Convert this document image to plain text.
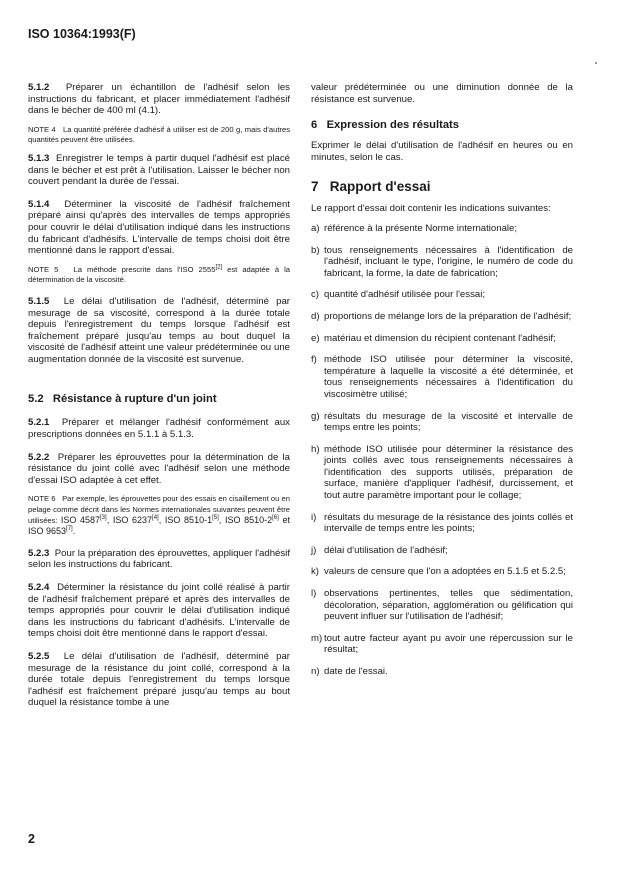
ISO 10364:1993(F)

5.1.2 Préparer un échantillon de l'adhésif selon les instructions du fabricant, et placer immédiatement l'adhésif dans le bécher de 400 ml (4.1).

NOTE 4 La quantité préférée d'adhésif à utiliser est de 200 g, mais d'autres quantités peuvent être utilisées.

5.1.3 Enregistrer le temps à partir duquel l'adhésif est placé dans le bécher et est prêt à l'utilisation. Laisser le bécher non couvert pendant la durée de l'essai.

5.1.4 Déterminer la viscosité de l'adhésif fraîchement préparé ainsi qu'après des intervalles de temps appropriés pour couvrir le délai d'utilisation indiqué dans les instructions du fabricant d'adhésifs. L'intervalle de temps choisi doit être mentionné dans le rapport d'essai.

NOTE 5 La méthode prescrite dans l'ISO 2555[2] est adaptée à la détermination de la viscosité.

5.1.5 Le délai d'utilisation de l'adhésif, déterminé par mesurage de sa viscosité, correspond à la durée totale depuis l'enregistrement du temps lorsque l'adhésif est fraîchement préparé jusqu'au temps au bout duquel la viscosité de l'adhésif atteint une valeur prédéterminée ou une augmentation donnée de la viscosité est survenue.

5.2 Résistance à rupture d'un joint

5.2.1 Préparer et mélanger l'adhésif conformément aux prescriptions données en 5.1.1 à 5.1.3.

5.2.2 Préparer les éprouvettes pour la détermination de la résistance du joint collé avec l'adhésif selon une méthode d'essai ISO adaptée à cet effet.

NOTE 6 Par exemple, les éprouvettes pour des essais en cisaillement ou en pelage comme décrit dans les Normes internationales suivantes peuvent être utilisées: ISO 4587[3], ISO 6237[4], ISO 8510-1[5], ISO 8510-2[6] et ISO 9653[7].

5.2.3 Pour la préparation des éprouvettes, appliquer l'adhésif selon les instructions du fabricant.

5.2.4 Déterminer la résistance du joint collé réalisé à partir de l'adhésif fraîchement préparé et après des intervalles de temps appropriés pour couvrir le délai d'utilisation indiqué dans les instructions du fabricant d'adhésifs. L'intervalle de temps choisi doit être mentionné dans le rapport d'essai.

5.2.5 Le délai d'utilisation de l'adhésif, déterminé par mesurage de la résistance du joint collé, correspond à la durée totale depuis l'enregistrement du temps lorsque l'adhésif est fraîchement préparé jusqu'au temps au bout duquel la résistance tombe à une

valeur prédéterminée ou une diminution donnée de la résistance est survenue.

6 Expression des résultats

Exprimer le délai d'utilisation de l'adhésif en heures ou en minutes, selon le cas.

7 Rapport d'essai

Le rapport d'essai doit contenir les indications suivantes:

a) référence à la présente Norme internationale;
b) tous renseignements nécessaires à l'identification de l'adhésif, incluant le type, l'origine, le numéro de code du fabricant, la forme, la date de fabrication;
c) quantité d'adhésif utilisée pour l'essai;
d) proportions de mélange lors de la préparation de l'adhésif;
e) matériau et dimension du récipient contenant l'adhésif;
f) méthode ISO utilisée pour déterminer la viscosité, température à laquelle la viscosité a été déterminée, et tous renseignements nécessaires à l'identification du viscosimètre utilisé;
g) résultats du mesurage de la viscosité et intervalle de temps entre les points;
h) méthode ISO utilisée pour déterminer la résistance des joints collés avec tous renseignements nécessaires à l'identification des supports utilisés, préparation de surface, manière d'appliquer l'adhésif, durcissement, et tout autre paramètre important pour le collage;
i) résultats du mesurage de la résistance des joints collés et intervalle de temps entre les points;
j) délai d'utilisation de l'adhésif;
k) valeurs de censure que l'on a adoptées en 5.1.5 et 5.2.5;
l) observations pertinentes, telles que sédimentation, décoloration, séparation, agglomération ou gélification qui peuvent influer sur l'utilisation de l'adhésif;
m) tout autre facteur ayant pu avoir une répercussion sur le résultat;
n) date de l'essai.
2
